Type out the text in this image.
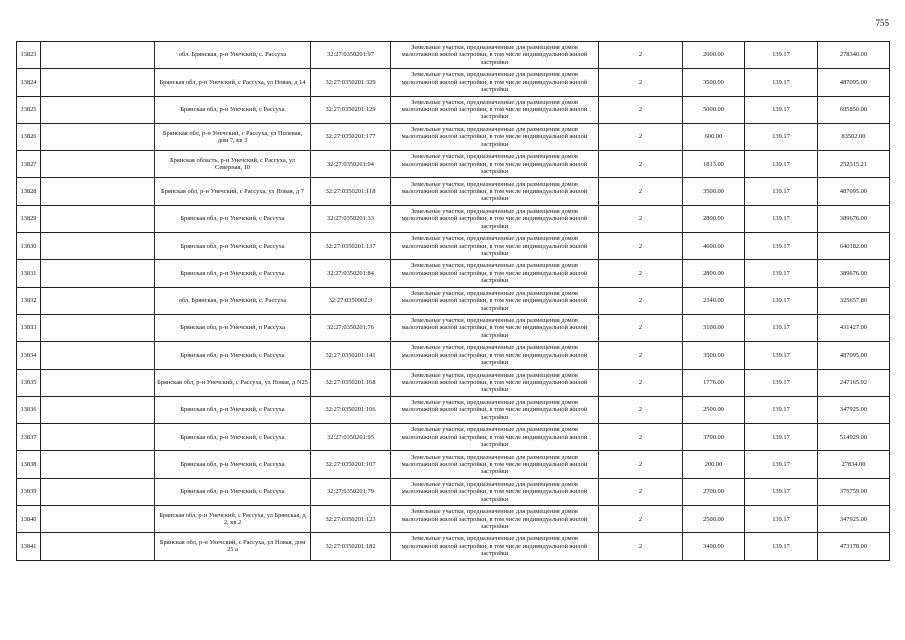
755
13823		обл. Брянская, р-н Унечский, с. Рассуха	32:27:0350201:97	Земельные участки, предназначенные для размещения домов малоэтажной жилой застройки, в том числе индивидуальной жилой застройки	2	2000.00	139.17	278340.00
13824		Брянская обл, р-н Унечский, с Рассуха, ул Новая, д 14	32:27:0350201:329	Земельные участки, предназначенные для размещения домов малоэтажной жилой застройки, в том числе индивидуальной жилой застройки	2	3500.00	139.17	487095.00
13825		Брянская обл, р-н Унечский, с Рассуха	32:27:0350201:129	Земельные участки, предназначенные для размещения домов малоэтажной жилой застройки, в том числе индивидуальной жилой застройки	2	5000.00	139.17	695850.00
13826		Брянская обл, р-н Унечский, с Рассуха, ул Полевая, дом 7, кв 3	32:27:0350201:177	Земельные участки, предназначенные для размещения домов малоэтажной жилой застройки, в том числе индивидуальной жилой застройки	2	600.00	139.17	83502.00
13827		Брянская область, р-н Унечский, с Рассуха, ул Северная, 10	32:27:0350201:94	Земельные участки, предназначенные для размещения домов малоэтажной жилой застройки, в том числе индивидуальной жилой застройки	2	1813.00	139.17	252315.21
13828		Брянская обл, р-н Унечский, с Рассуха, ул Новая, д 7	32:27:0350201:118	Земельные участки, предназначенные для размещения домов малоэтажной жилой застройки, в том числе индивидуальной жилой застройки	2	3500.00	139.17	487095.00
13829		Брянская обл, р-н Унечский, с Рассуха	32:27:0350201:33	Земельные участки, предназначенные для размещения домов малоэтажной жилой застройки, в том числе индивидуальной жилой застройки	2	2800.00	139.17	389676.00
13830		Брянская обл, р-н Унечский, с Рассуха	32:27:0350201:137	Земельные участки, предназначенные для размещения домов малоэтажной жилой застройки, в том числе индивидуальной жилой застройки	2	4600.00	139.17	640182.00
13831		Брянская обл, р-н Унечский, с Рассуха	32:27:0350201:84	Земельные участки, предназначенные для размещения домов малоэтажной жилой застройки, в том числе индивидуальной жилой застройки	2	2800.00	139.17	389676.00
13832		обл. Брянская, р-н Унечский, с. Рассуха	32:27:0350902:3	Земельные участки, предназначенные для размещения домов малоэтажной жилой застройки, в том числе индивидуальной жилой застройки	2	2340.00	139.17	325657.80
13833		Брянская обл, р-н Унечский, п Рассуха	32:27:0350201:76	Земельные участки, предназначенные для размещения домов малоэтажной жилой застройки, в том числе индивидуальной жилой застройки	2	3100.00	139.17	431427.00
13834		Брянская обл, р-н Унечский, с Рассуха	32:27:0350201:141	Земельные участки, предназначенные для размещения домов малоэтажной жилой застройки, в том числе индивидуальной жилой застройки	2	3500.00	139.17	487095.00
13835		Брянская обл, р-н Унечский, с Рассуха, ул Новая, д N25	32:27:0350201:168	Земельные участки, предназначенные для размещения домов малоэтажной жилой застройки, в том числе индивидуальной жилой застройки	2	1776.00	139.17	247165.92
13836		Брянская обл, р-н Унечский, с Рассуха	32:27:0350201:106	Земельные участки, предназначенные для размещения домов малоэтажной жилой застройки, в том числе индивидуальной жилой застройки	2	2500.00	139.17	347925.00
13837		Брянская обл, р-н Унечский, с Рассуха	32:27:0350201:95	Земельные участки, предназначенные для размещения домов малоэтажной жилой застройки, в том числе индивидуальной жилой застройки	2	3700.00	139.17	514929.00
13838		Брянская обл, р-н Унечский, с Рассуха	32:27:0350201:107	Земельные участки, предназначенные для размещения домов малоэтажной жилой застройки, в том числе индивидуальной жилой застройки	2	200.00	139.17	27834.00
13839		Брянская обл, р-н Унечский, с Рассуха	32:27:0350201:79	Земельные участки, предназначенные для размещения домов малоэтажной жилой застройки, в том числе индивидуальной жилой застройки	2	2700.00	139.17	375759.00
13840		Брянская обл, р-н Унечский, с Рассуха, ул Брянская, д 2, кв 2	32:27:0350201:123	Земельные участки, предназначенные для размещения домов малоэтажной жилой застройки, в том числе индивидуальной жилой застройки	2	2500.00	139.17	347925.00
13841		Брянская обл, р-н Унечский, с Рассуха, ул Новая, дом 25 а	32:27:0350201:182	Земельные участки, предназначенные для размещения домов малоэтажной жилой застройки, в том числе индивидуальной жилой застройки	2	3400.00	139.17	473178.00
